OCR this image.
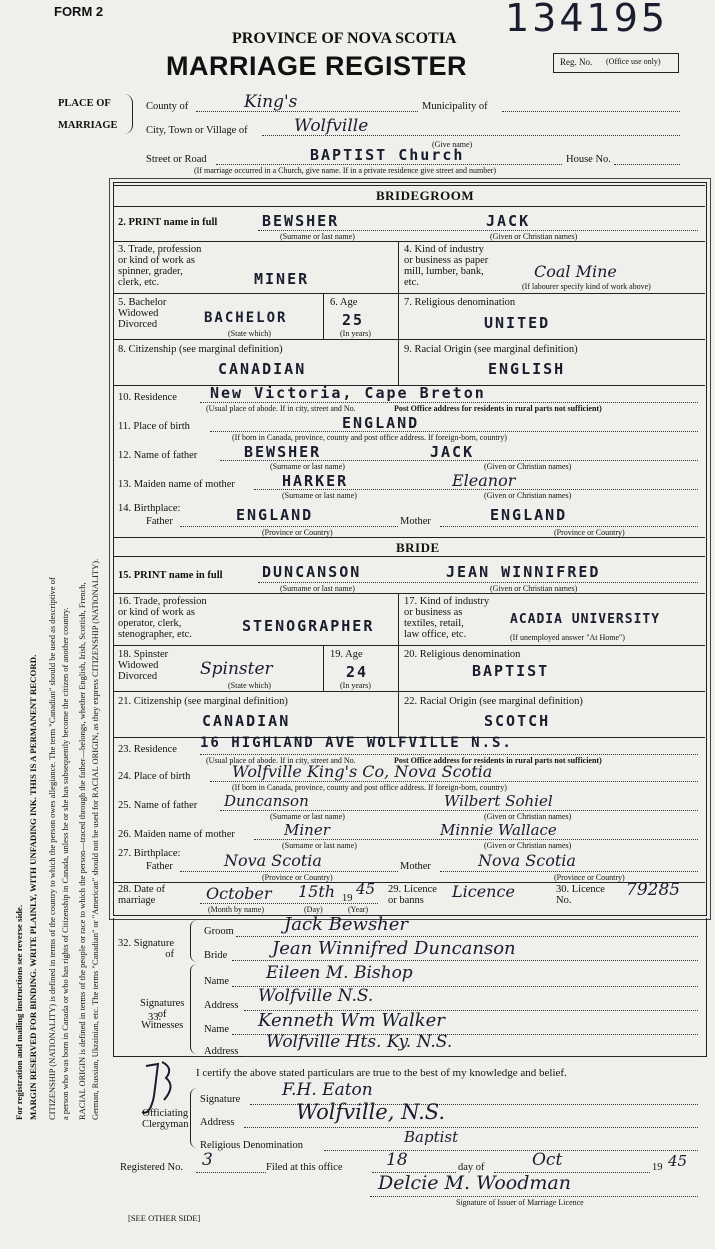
FORM 2	134195
PROVINCE OF NOVA SCOTIA
MARRIAGE REGISTER	Reg. No. (Office use only)
PLACE OF
MARRIAGE
County of	King's	Municipality of
City, Town or Village of	Wolfville
(Give name)
Street or Road	BAPTIST Church	House No.
(If marriage occurred in a Church, give name. If in a private residence give street and number)
For registration and mailing instructions see reverse side. MARGIN RESERVED FOR BINDING. WRITE PLAINLY, WITH UNFADING INK. THIS IS A PERMANENT RECORD. CITIZENSHIP (NATIONALITY) is defined in terms of the country to which the person owes allegiance. The term "Canadian" should be used as descriptive of a person who was born in Canada or who has rights of Citizenship in Canada, unless he or she has subsequently become the citizen of another country. RACIAL ORIGIN is defined in terms of the people or race to which the person—traced through the father—belongs, whether English, Irish, Scottish, French, German, Russian, Ukrainian, etc. The terms "Canadian" or "American" should not be used for RACIAL ORIGIN, as they express CITIZENSHIP (NATIONALITY).
BRIDEGROOM
2. PRINT name in full	BEWSHER	JACK
(Surname or last name)	(Given or Christian names)
3. Trade, profession
or kind of work as
spinner, grader,
clerk, etc.	MINER
4. Kind of industry
or business as paper
mill, lumber, bank,
etc.
Coal Mine
(If labourer specify kind of work above)
5. Bachelor
Widowed
Divorced	BACHELOR
(State which)
6. Age
25
(In years)
7. Religious denomination
UNITED
8. Citizenship (see marginal definition)
CANADIAN
9. Racial Origin (see marginal definition)
ENGLISH
10. Residence New Victoria, Cape Breton
(Usual place of abode. If in city, street and No.	Post Office address for residents in rural parts not sufficient)
11. Place of birth	ENGLAND
(If born in Canada, province, county and post office address. If foreign-born, country)
12. Name of father	BEWSHER	JACK
(Surname or last name)	(Given or Christian names)
13. Maiden name of mother	HARKER	Eleanor
(Surname or last name)	(Given or Christian names)
14. Birthplace:
Father	ENGLAND	Mother	ENGLAND
(Province or Country)	(Province or Country)
BRIDE
15. PRINT name in full	DUNCANSON	JEAN WINNIFRED
(Surname or last name)	(Given or Christian names)
16. Trade, profession
or kind of work as
operator, clerk,
stenographer, etc.	STENOGRAPHER
17. Kind of industry
or business as
textiles, retail,
law office, etc.
ACADIA UNIVERSITY
(If unemployed answer "At Home")
18. Spinster
Widowed
Divorced	Spinster
(State which)
19. Age
24
(In years)
20. Religious denomination
BAPTIST
21. Citizenship (see marginal definition)
CANADIAN
22. Racial Origin (see marginal definition)
SCOTCH
23. Residence 16 HIGHLAND AVE WOLFVILLE N.S.
(Usual place of abode. If in city, street and No.	Post Office address for residents in rural parts not sufficient)
24. Place of birth	Wolfville King's Co, Nova Scotia
(If born in Canada, province, county and post office address. If foreign-born, country)
25. Name of father Duncanson	Wilbert Sohiel
(Surname or last name)	(Given or Christian names)
26. Maiden name of mother	Miner	Minnie Wallace
(Surname or last name)	(Given or Christian names)
27. Birthplace:
Father	Nova Scotia	Mother	Nova Scotia
(Province or Country)	(Province or Country)
28. Date of
marriage	October 15th 19
45
(Month by name)	(Day)	(Year)
29. Licence
or banns	Licence	30. Licence
No.
79285
32. Signature
of
Groom	Jack Bewsher
Bride Jean Winnifred Duncanson
33.
Signatures
of
Witnesses
Name Eileen M. Bishop
Address Wolfville N.S.
Name Kenneth Wm Walker
Address Wolfville Hts. Ky. N.S.
I certify the above stated particulars are true to the best of my knowledge and belief.
Officiating
Clergyman
Signature F.H. Eaton
Address	Wolfville, N.S.
Religious Denomination	Baptist
Registered No. 3	Filed at this office	18	day of	Oct	19 45
Delcie M. Woodman
Signature of Issuer of Marriage Licence
[SEE OTHER SIDE]
